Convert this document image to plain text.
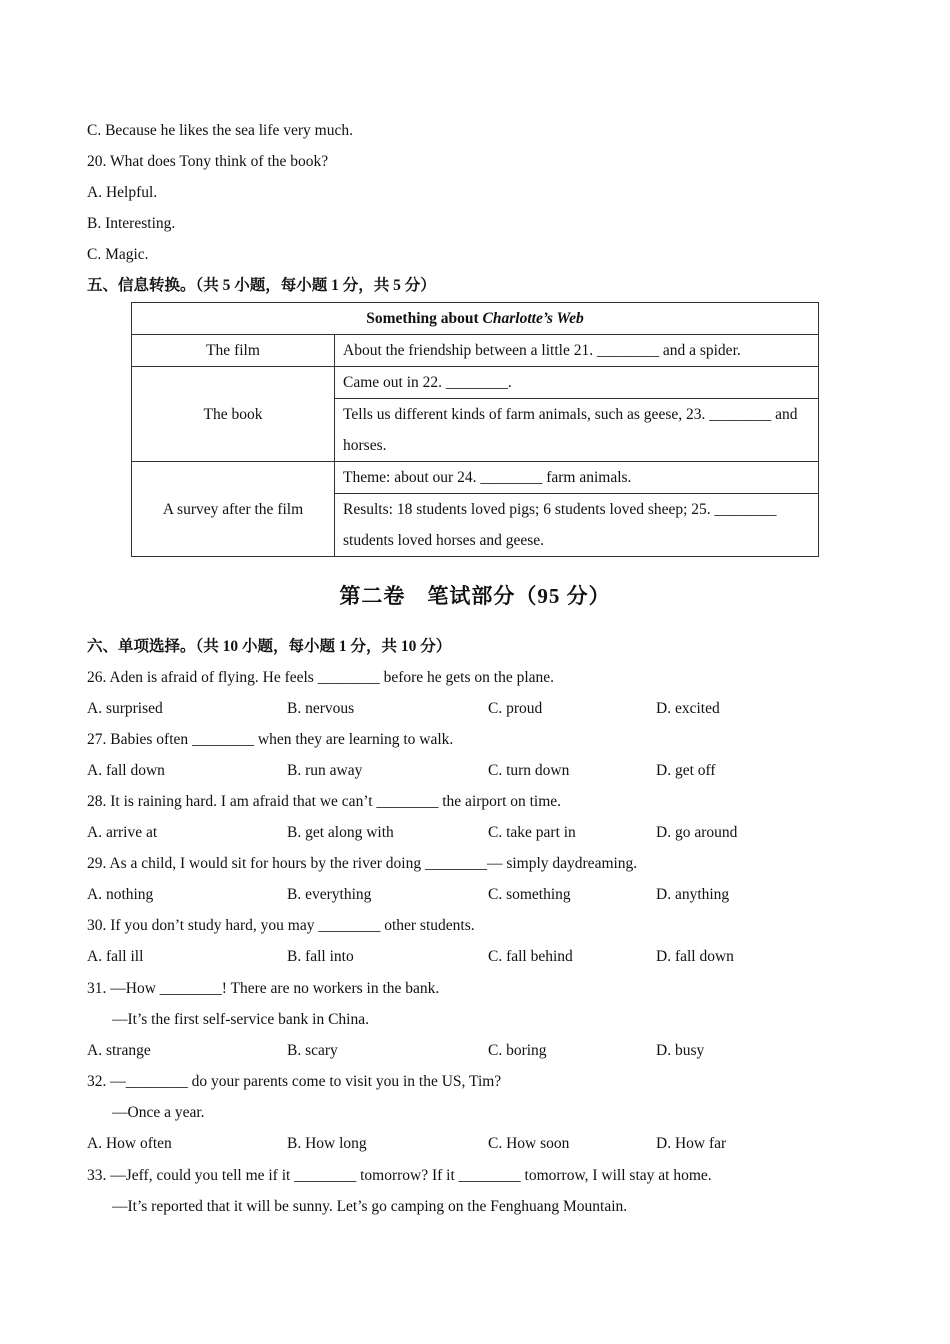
C. Because he likes the sea life very much.
20. What does Tony think of the book?
A. Helpful.
B. Interesting.
C. Magic.
五、信息转换。（共 5 小题，每小题 1 分，共 5 分）
Something about Charlotte’s Web	
The film	About the friendship between a little 21. ________ and a spider.
The book	Came out in 22. ________.
	Tells us different kinds of farm animals, such as geese, 23. ________ and horses.
A survey after the film	Theme: about our 24. ________ farm animals.
	Results: 18 students loved pigs; 6 students loved sheep; 25. ________ students loved horses and geese.
第二卷　笔试部分（95 分）
六、单项选择。（共 10 小题，每小题 1 分，共 10 分）
26. Aden is afraid of flying. He feels ________ before he gets on the plane.
A. surprised	B. nervous	C. proud	D. excited
27. Babies often ________ when they are learning to walk.
A. fall down	B. run away	C. turn down	D. get off
28. It is raining hard. I am afraid that we can’t ________ the airport on time.
A. arrive at	B. get along with	C. take part in	D. go around
29. As a child, I would sit for hours by the river doing ________— simply daydreaming.
A. nothing	B. everything	C. something	D. anything
30. If you don’t study hard, you may ________ other students.
A. fall ill	B. fall into	C. fall behind	D. fall down
31. —How ________! There are no workers in the bank.
—It’s the first self-service bank in China.
A. strange	B. scary	C. boring	D. busy
32. —________ do your parents come to visit you in the US, Tim?
—Once a year.
A. How often	B. How long	C. How soon	D. How far
33. —Jeff, could you tell me if it ________ tomorrow? If it ________ tomorrow, I will stay at home.
—It’s reported that it will be sunny. Let’s go camping on the Fenghuang Mountain.
